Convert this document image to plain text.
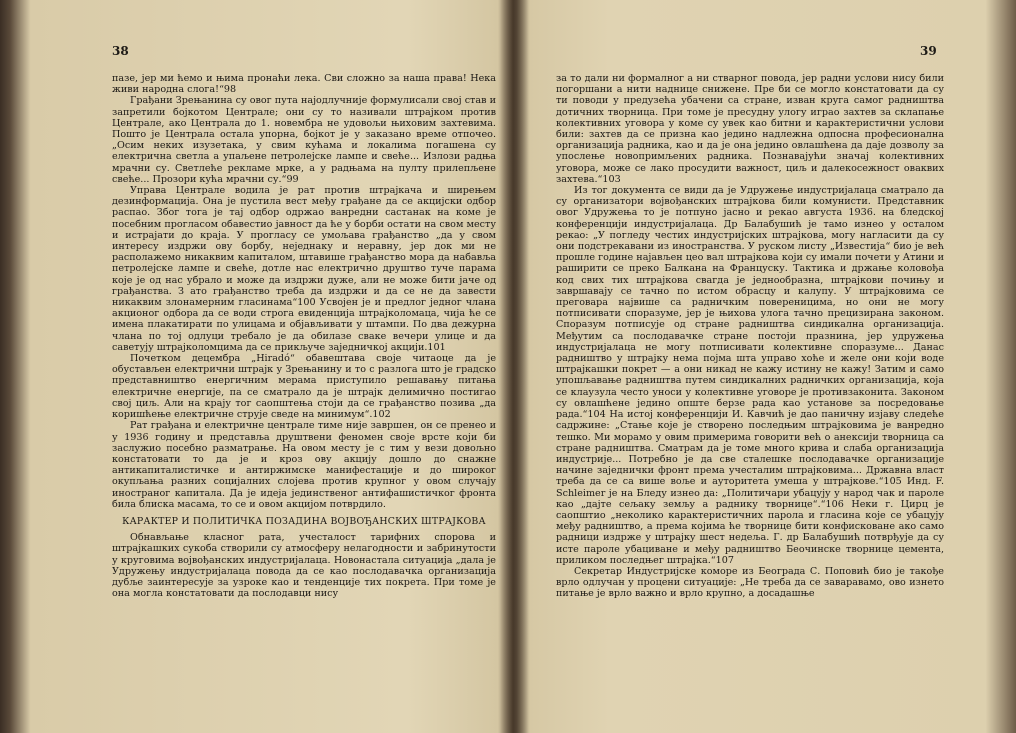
38

пазе, јер ми ћемо и њима пронаћи лека. Сви сложно за наша права! Нека живи народна слога!“98

Грађани Зрењанина су овог пута најодлучније формулисали свој став и запретили бојкотом Централе; они су то називали штрајком против Централе, ако Централа до 1. новембра не удовољи њиховим захтевима. Пошто је Централа остала упорна, бојкот је у заказано време отпочео. „Осим неких изузетака, у свим кућама и локалима погашена су електрична светла а упаљене петролејске лампе и свеће... Излози радња мрачни су. Светлеће рекламе мрке, а у радњама на пулту прилепљене свеће... Прозори кућа мрачни су.“99

Управа Централе водила је рат против штрајкача и ширењем дезинформација. Она је пустила вест међу грађане да се акцијски одбор распао. Због тога је тај одбор одржао ванредни састанак на коме је посебним прогласом обавестио јавност да ће у борби остати на свом месту и истрајати до краја. У прогласу се умољава грађанство „да у свом интересу издржи ову борбу, неједнаку и неравну, јер док ми не располажемо никаквим капиталом, штавише грађанство мора да набавља петролејске лампе и свеће, дотле нас електрично друштво туче парама које је од нас убрало и може да издржи дуже, али не може бити јаче од грађанства. З ато грађанство треба да издржи и да се не да завести никаквим злонамерним гласинама“100 Усвојен је и предлог једног члана акционог одбора да се води строга евиденција штрајколомаца, чија ће се имена плакатирати по улицама и објављивати у штампи. По два дежурна члана по тој одлуци требало је да обилазе сваке вечери улице и да саветују штрајколомцима да се прикључе заједничкој акцији.101

Почетком децембра „Hiradó“ обавештава своје читаоце да је обустављен електрични штрајк у Зрењанину и то с разлога што је градско представништво енергичним мерама приступило решавању питања електричне енергије, па се сматрало да је штрајк делимично постигао свој циљ. Али на крају тог саопштења стоји да се грађанство позива „да коришћење електричне струје сведе на минимум“.102

Рат грађана и електричне централе тиме није завршен, он се пренео и у 1936 годину и представља друштвени феномен своје врсте који би заслужио посебно разматрање. На овом месту је с тим у вези довољно констатовати то да је и кроз ову акцију дошло до снажне антикапиталистичке и антиржимске манифестације и до широког окупљања разних социјалних слојева против крупног у овом случају иностраног капитала. Да је идеја јединственог антифашистичког фронта била блиска масама, то се и овом акцијом потврдило.

КАРАКТЕР И ПОЛИТИЧКА ПОЗАДИНА ВОЈВОЂАНСКИХ ШТРАЈКОВА

Обнављање класног рата, учесталост тарифних спорова и штрајкашких сукоба створили су атмосферу нелагодности и забринутости у круговима војвођанских индустријалаца. Новонастала ситуација „дала је Удружењу индустријалаца повода да се као послодавачка организација дубље заинтересује за узроке као и тенденције тих покрета. При томе је она могла констатовати да послодавци нису

39

за то дали ни формалног а ни стварног повода, јер радни услови нису били погоршани а нити наднице снижене. Пре би се могло констатовати да су ти поводи у предузећа убачени са стране, изван круга самог радништва дотичних творница. При томе је пресудну улогу играо захтев за склапање колективних уговора у коме су увек као битни и карактеристични услови били: захтев да се призна као једино надлежна одпосна професионална организација радника, као и да је она једино овлашћена да даје дозволу за упослење новопримљених радника. Познавајући значај колективних уговора, може се лако просудити важност, циљ и далекосежност оваквих захтева.“103

Из тог документа се види да је Удружење индустријалаца сматрало да су организатори војвођанских штрајкова били комунисти. Представник овог Удружења то је потпуно јасно и рекао августа 1936. на бледској конференцији индустријалаца. Др Балабушић је тамо изнео у осталом рекао: „У погледу честих индустријских штрајкова, могу нагласити да су они подстрекавани из иностранства. У руском листу „Известија“ био је већ прошле године најављен цео вал штрајкова који су имали почети у Атини и раширити се преко Балкана на Француску. Тактика и држање коловођа код свих тих штрајкова свагда је једнообразна, штрајкови почињу и завршавају се тачно по истом обрасцу и калупу. У штрајковима се преговара највише са радничким повереницима, но они не могу потписивати споразуме, јер је њихова улога тачно прецизирана законом. Споразум потписује од стране радништва синдикална организација. Међутим са послодавачке стране постоји празнина, јер удружења индустријалаца не могу потписивати колективне споразуме... Данас радништво у штрајку нема појма шта управо хоће и желе они који воде штрајкашки покрет — а они никад не кажу истину не кажу! Затим и само упошљавање радништва путем синдикалних радничких организација, која се клаузула често уноси у колективне уговоре је противзаконита. Законом су овлашћене једино опште берзе рада као установе за посредовање рада.“104 На истој конференцији И. Кавчић је дао паничну изјаву следеће садржине: „Стање које је створено последњим штрајковима је ванредно тешко. Ми морамо у овим примерима говорити већ о анексији творница са стране радништва. Сматрам да је томе много крива и слаба организација индустрије... Потребно је да све сталешке послодавачке организације начине заједнички фронт према учесталим штрајковима... Државна власт треба да се са више воље и ауторитета умеша у штрајкове.“105 Инд. F. Schleimer је на Бледу изнео да: „Политичари убацују у народ чак и пароле као „дајте сељаку земљу а раднику творнице“.“106 Неки г. Цирц је саопштио „неколико карактеристичних парола и гласина које се убацују међу радништво, а према којима ће творнице бити конфисковане ако само радници издрже у штрајку шест недеља. Г. др Балабушић потврђује да су исте пароле убациване и међу радништво Беочинске творнице цемента, приликом последњег штрајка.“107

Секретар Индустријске коморе из Београда С. Поповић био је такође врло одлучан у процени ситуације: „Не треба да се заваравамо, ово изнето питање је врло важно и врло крупно, а досадашње
